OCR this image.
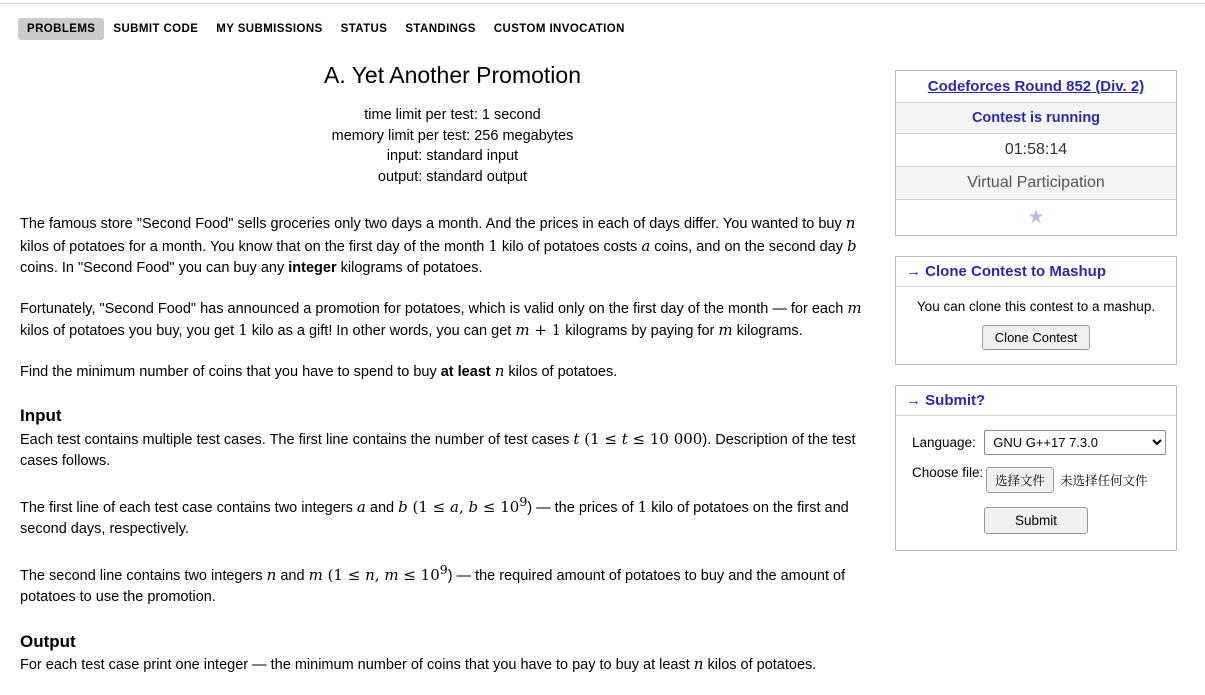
PROBLEMS	SUBMIT CODE	MY SUBMISSIONS	STATUS	STANDINGS	CUSTOM INVOCATION
A. Yet Another Promotion
time limit per test: 1 second
memory limit per test: 256 megabytes
input: standard input
output: standard output

The famous store "Second Food" sells groceries only two days a month. And the prices in each of days differ. You wanted to buy n kilos of potatoes for a month. You know that on the first day of the month 1 kilo of potatoes costs a coins, and on the second day b coins. In "Second Food" you can buy any integer kilograms of potatoes.

Fortunately, "Second Food" has announced a promotion for potatoes, which is valid only on the first day of the month — for each m kilos of potatoes you buy, you get 1 kilo as a gift! In other words, you can get m + 1 kilograms by paying for m kilograms.

Find the minimum number of coins that you have to spend to buy at least n kilos of potatoes.

Input

Each test contains multiple test cases. The first line contains the number of test cases t (1 ≤ t ≤ 10 000). Description of the test cases follows.

The first line of each test case contains two integers a and b (1 ≤ a, $b \le 10^9$) — the prices of 1 kilo of potatoes on the first and second days, respectively.

The second line contains two integers n and m (1 ≤ n, $m \le 10^9$) — the required amount of potatoes to buy and the amount of potatoes to use the promotion.

Output

For each test case print one integer — the minimum number of coins that you have to pay to buy at least n kilos of potatoes.

Codeforces Round 852 (Div. 2)
Contest is running
01:58:14
Virtual Participation
★
→ Clone Contest to Mashup
You can clone this contest to a mashup.
Clone Contest
→ Submit?
Language:
GNU G++17 7.3.0
Choose file:
选择文件	未选择任何文件
Submit
